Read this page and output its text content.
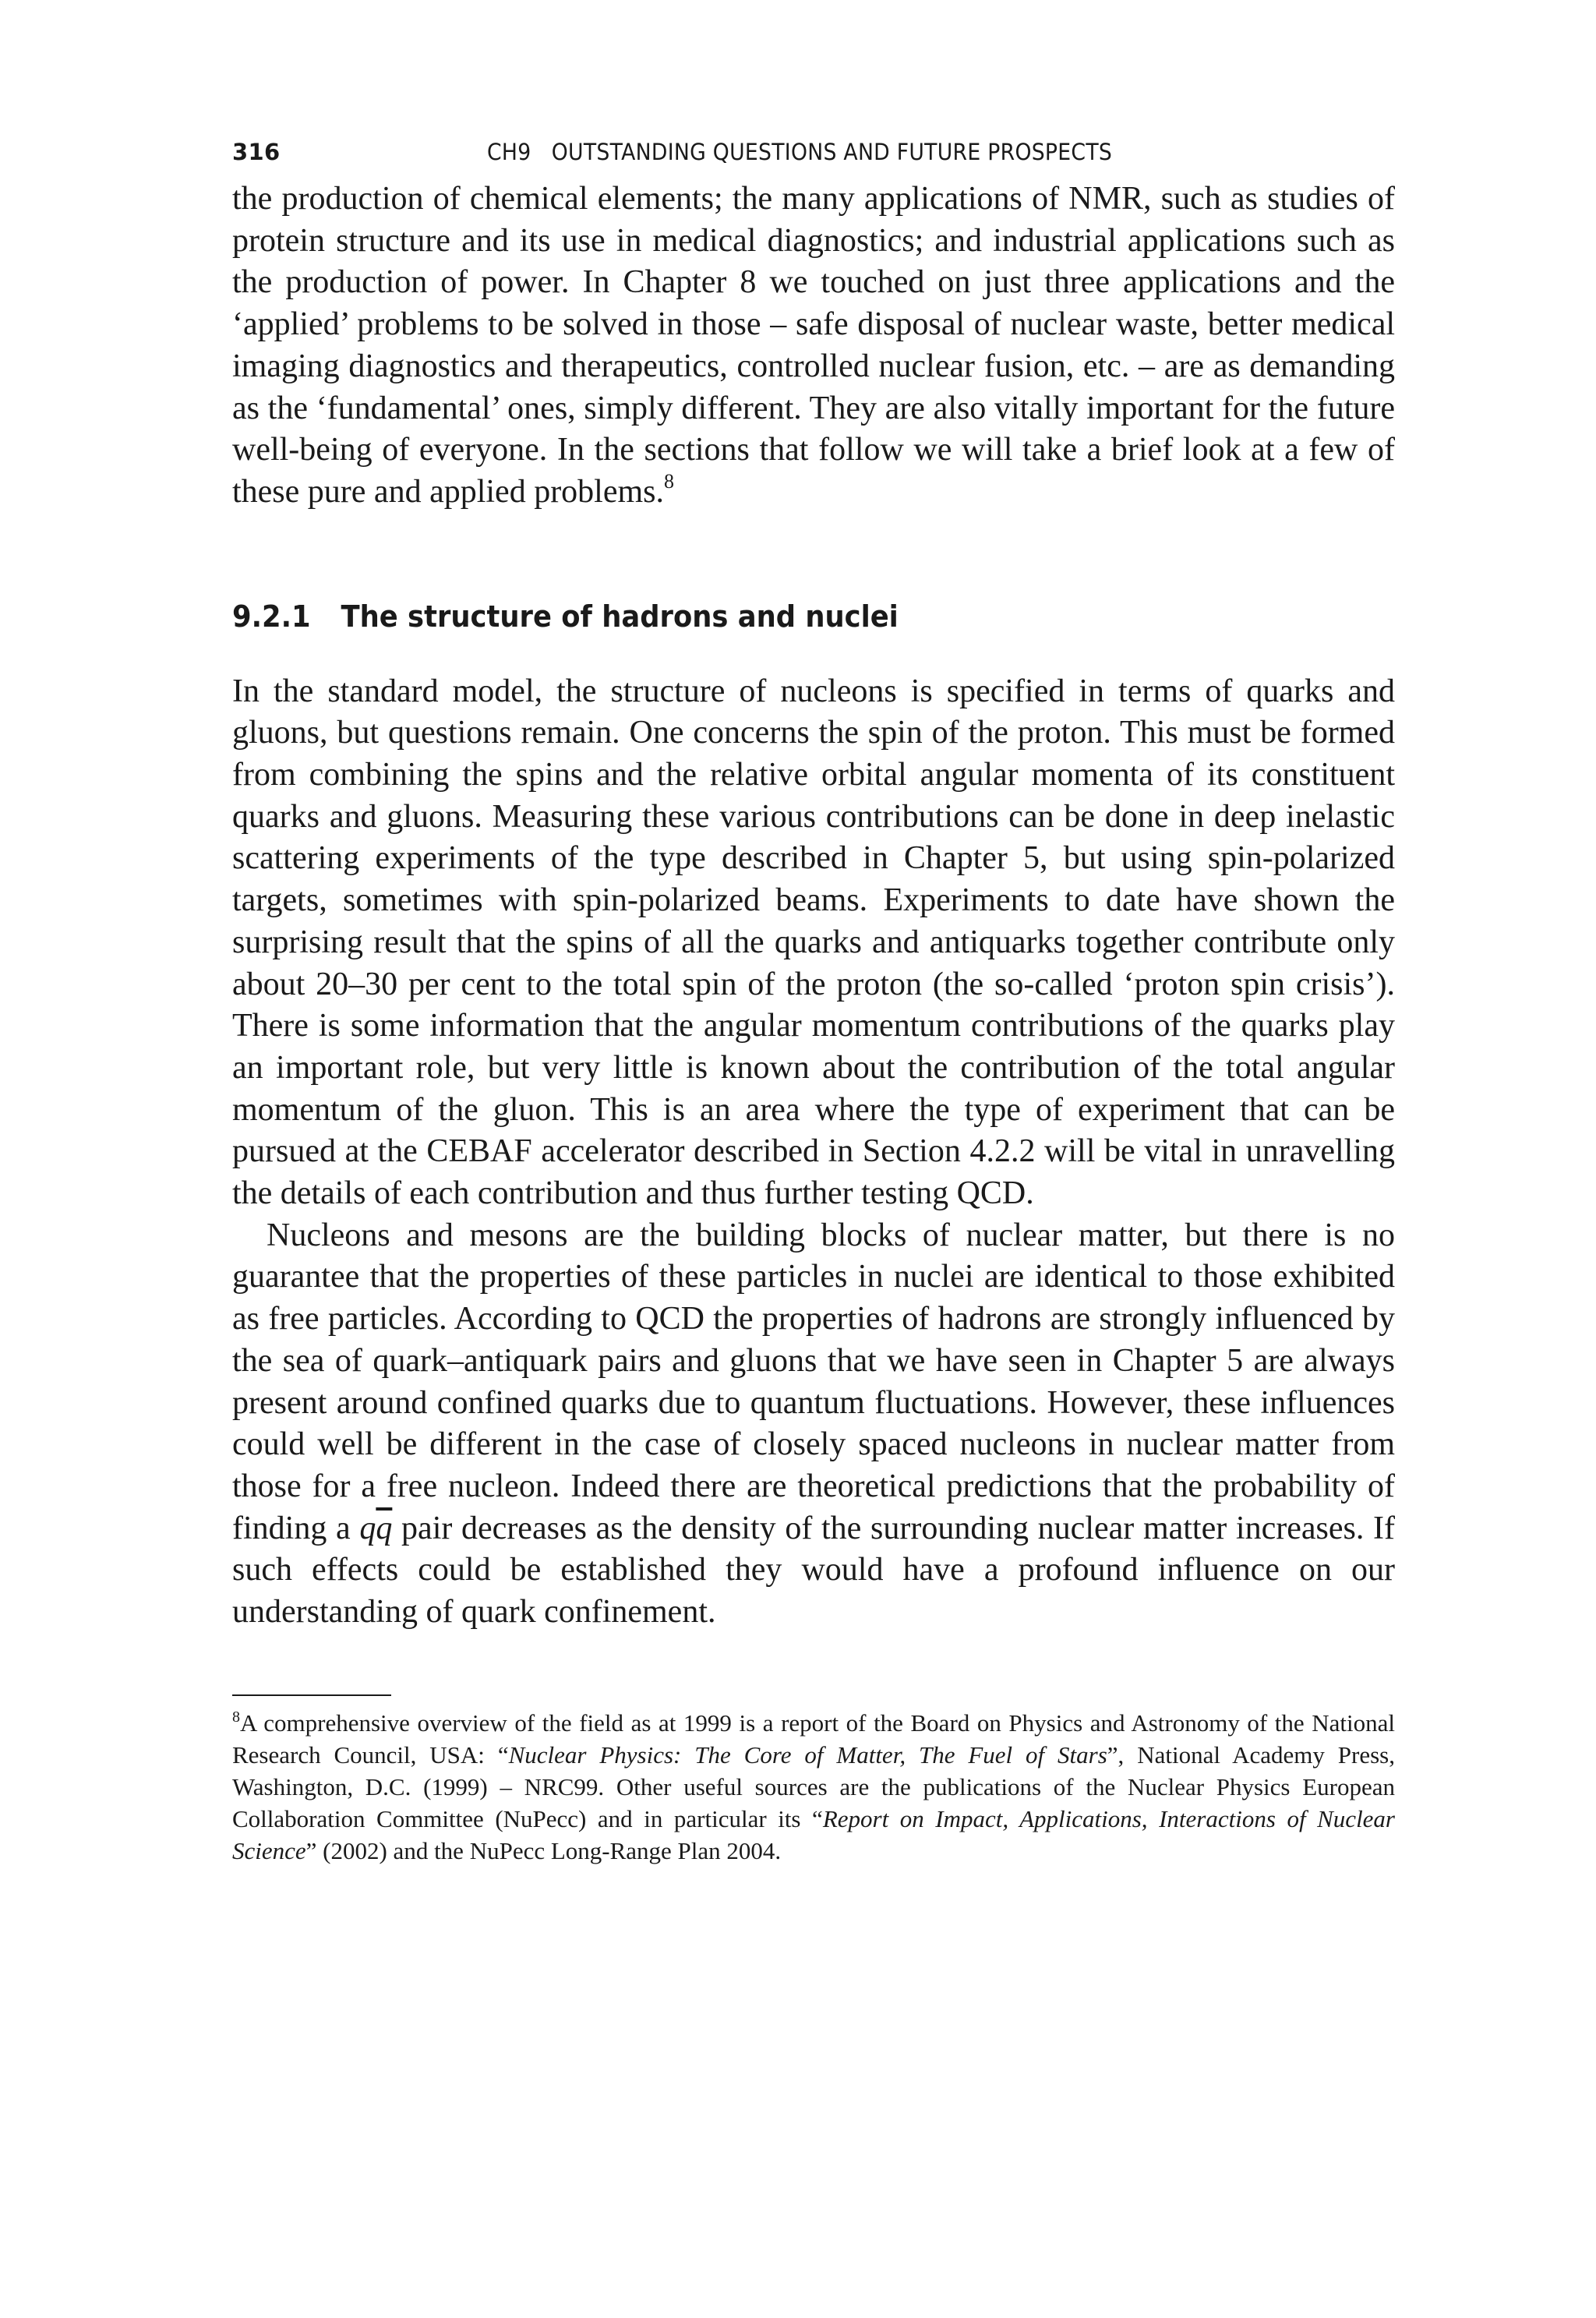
316	CH9   OUTSTANDING QUESTIONS AND FUTURE PROSPECTS

the production of chemical elements; the many applications of NMR, such as studies of protein structure and its use in medical diagnostics; and industrial applications such as the production of power. In Chapter 8 we touched on just three applications and the ‘applied’ problems to be solved in those – safe disposal of nuclear waste, better medical imaging diagnostics and therapeutics, controlled nuclear fusion, etc. – are as demanding as the ‘fundamental’ ones, simply different. They are also vitally important for the future well-being of everyone. In the sections that follow we will take a brief look at a few of these pure and applied problems.$^8$

9.2.1 The structure of hadrons and nuclei

In the standard model, the structure of nucleons is specified in terms of quarks and gluons, but questions remain. One concerns the spin of the proton. This must be formed from combining the spins and the relative orbital angular momenta of its constituent quarks and gluons. Measuring these various contributions can be done in deep inelastic scattering experiments of the type described in Chapter 5, but using spin-polarized targets, sometimes with spin-polarized beams. Experiments to date have shown the surprising result that the spins of all the quarks and antiquarks together contribute only about 20–30 per cent to the total spin of the proton (the so-called ‘proton spin crisis’). There is some information that the angular momentum contributions of the quarks play an important role, but very little is known about the contribution of the total angular momentum of the gluon. This is an area where the type of experiment that can be pursued at the CEBAF accelerator described in Section 4.2.2 will be vital in unravelling the details of each contribution and thus further testing QCD.

Nucleons and mesons are the building blocks of nuclear matter, but there is no guarantee that the properties of these particles in nuclei are identical to those exhibited as free particles. According to QCD the properties of hadrons are strongly influenced by the sea of quark–antiquark pairs and gluons that we have seen in Chapter 5 are always present around confined quarks due to quantum fluctuations. However, these influences could well be different in the case of closely spaced nucleons in nuclear matter from those for a free nucleon. Indeed there are theoretical predictions that the probability of finding a $q\overline{q}$ pair decreases as the density of the surrounding nuclear matter increases. If such effects could be established they would have a profound influence on our understanding of quark confinement.

$^8$A comprehensive overview of the field as at 1999 is a report of the Board on Physics and Astronomy of the National Research Council, USA: “Nuclear Physics: The Core of Matter, The Fuel of Stars”, National Academy Press, Washington, D.C. (1999) – NRC99. Other useful sources are the publications of the Nuclear Physics European Collaboration Committee (NuPecc) and in particular its “Report on Impact, Applications, Interactions of Nuclear Science” (2002) and the NuPecc Long-Range Plan 2004.
